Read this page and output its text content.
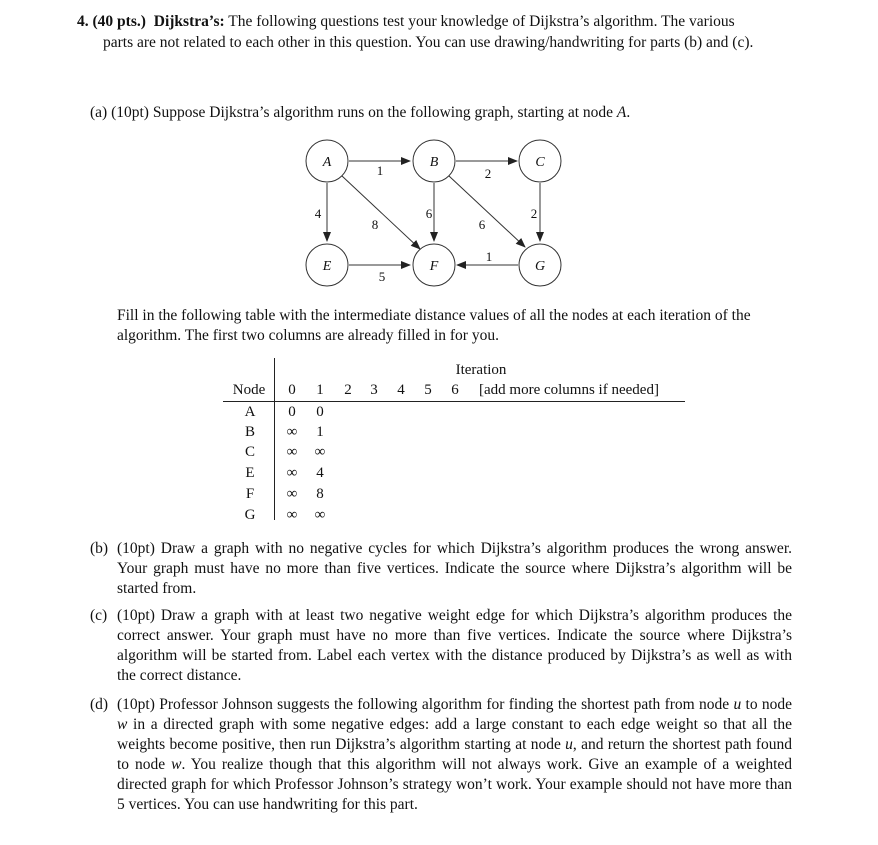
4. (40 pts.) Dijkstra’s: The following questions test your knowledge of Dijkstra’s algorithm. The various
parts are not related to each other in this question. You can use drawing/handwriting for parts (b) and (c).
(a) (10pt) Suppose Dijkstra’s algorithm runs on the following graph, starting at node A.
1	2
4
8
6
6
2
5
1
A	B	C
E	F	G
Fill in the following table with the intermediate distance values of all the nodes at each iteration of the
algorithm. The first two columns are already filled in for you.
Iteration
Node 0 1 2 3 4 5 6 [add more columns if needed]
A	0 0
B	∞ 1
C	∞ ∞
E	∞ 4
F	∞ 8
G	∞ ∞
(b) (10pt) Draw a graph with no negative cycles for which Dijkstra’s algorithm produces the wrong answer. Your graph must have no more than five vertices. Indicate the source where Dijkstra’s algorithm will be started from.
(c) (10pt) Draw a graph with at least two negative weight edge for which Dijkstra’s algorithm produces the correct answer. Your graph must have no more than five vertices. Indicate the source where Dijkstra’s algorithm will be started from. Label each vertex with the distance produced by Dijkstra’s as well as with the correct distance.
(d) (10pt) Professor Johnson suggests the following algorithm for finding the shortest path from node u to node w in a directed graph with some negative edges: add a large constant to each edge weight so that all the weights become positive, then run Dijkstra’s algorithm starting at node u, and return the shortest path found to node w. You realize though that this algorithm will not always work. Give an example of a weighted directed graph for which Professor Johnson’s strategy won’t work. Your example should not have more than 5 vertices. You can use handwriting for this part.
